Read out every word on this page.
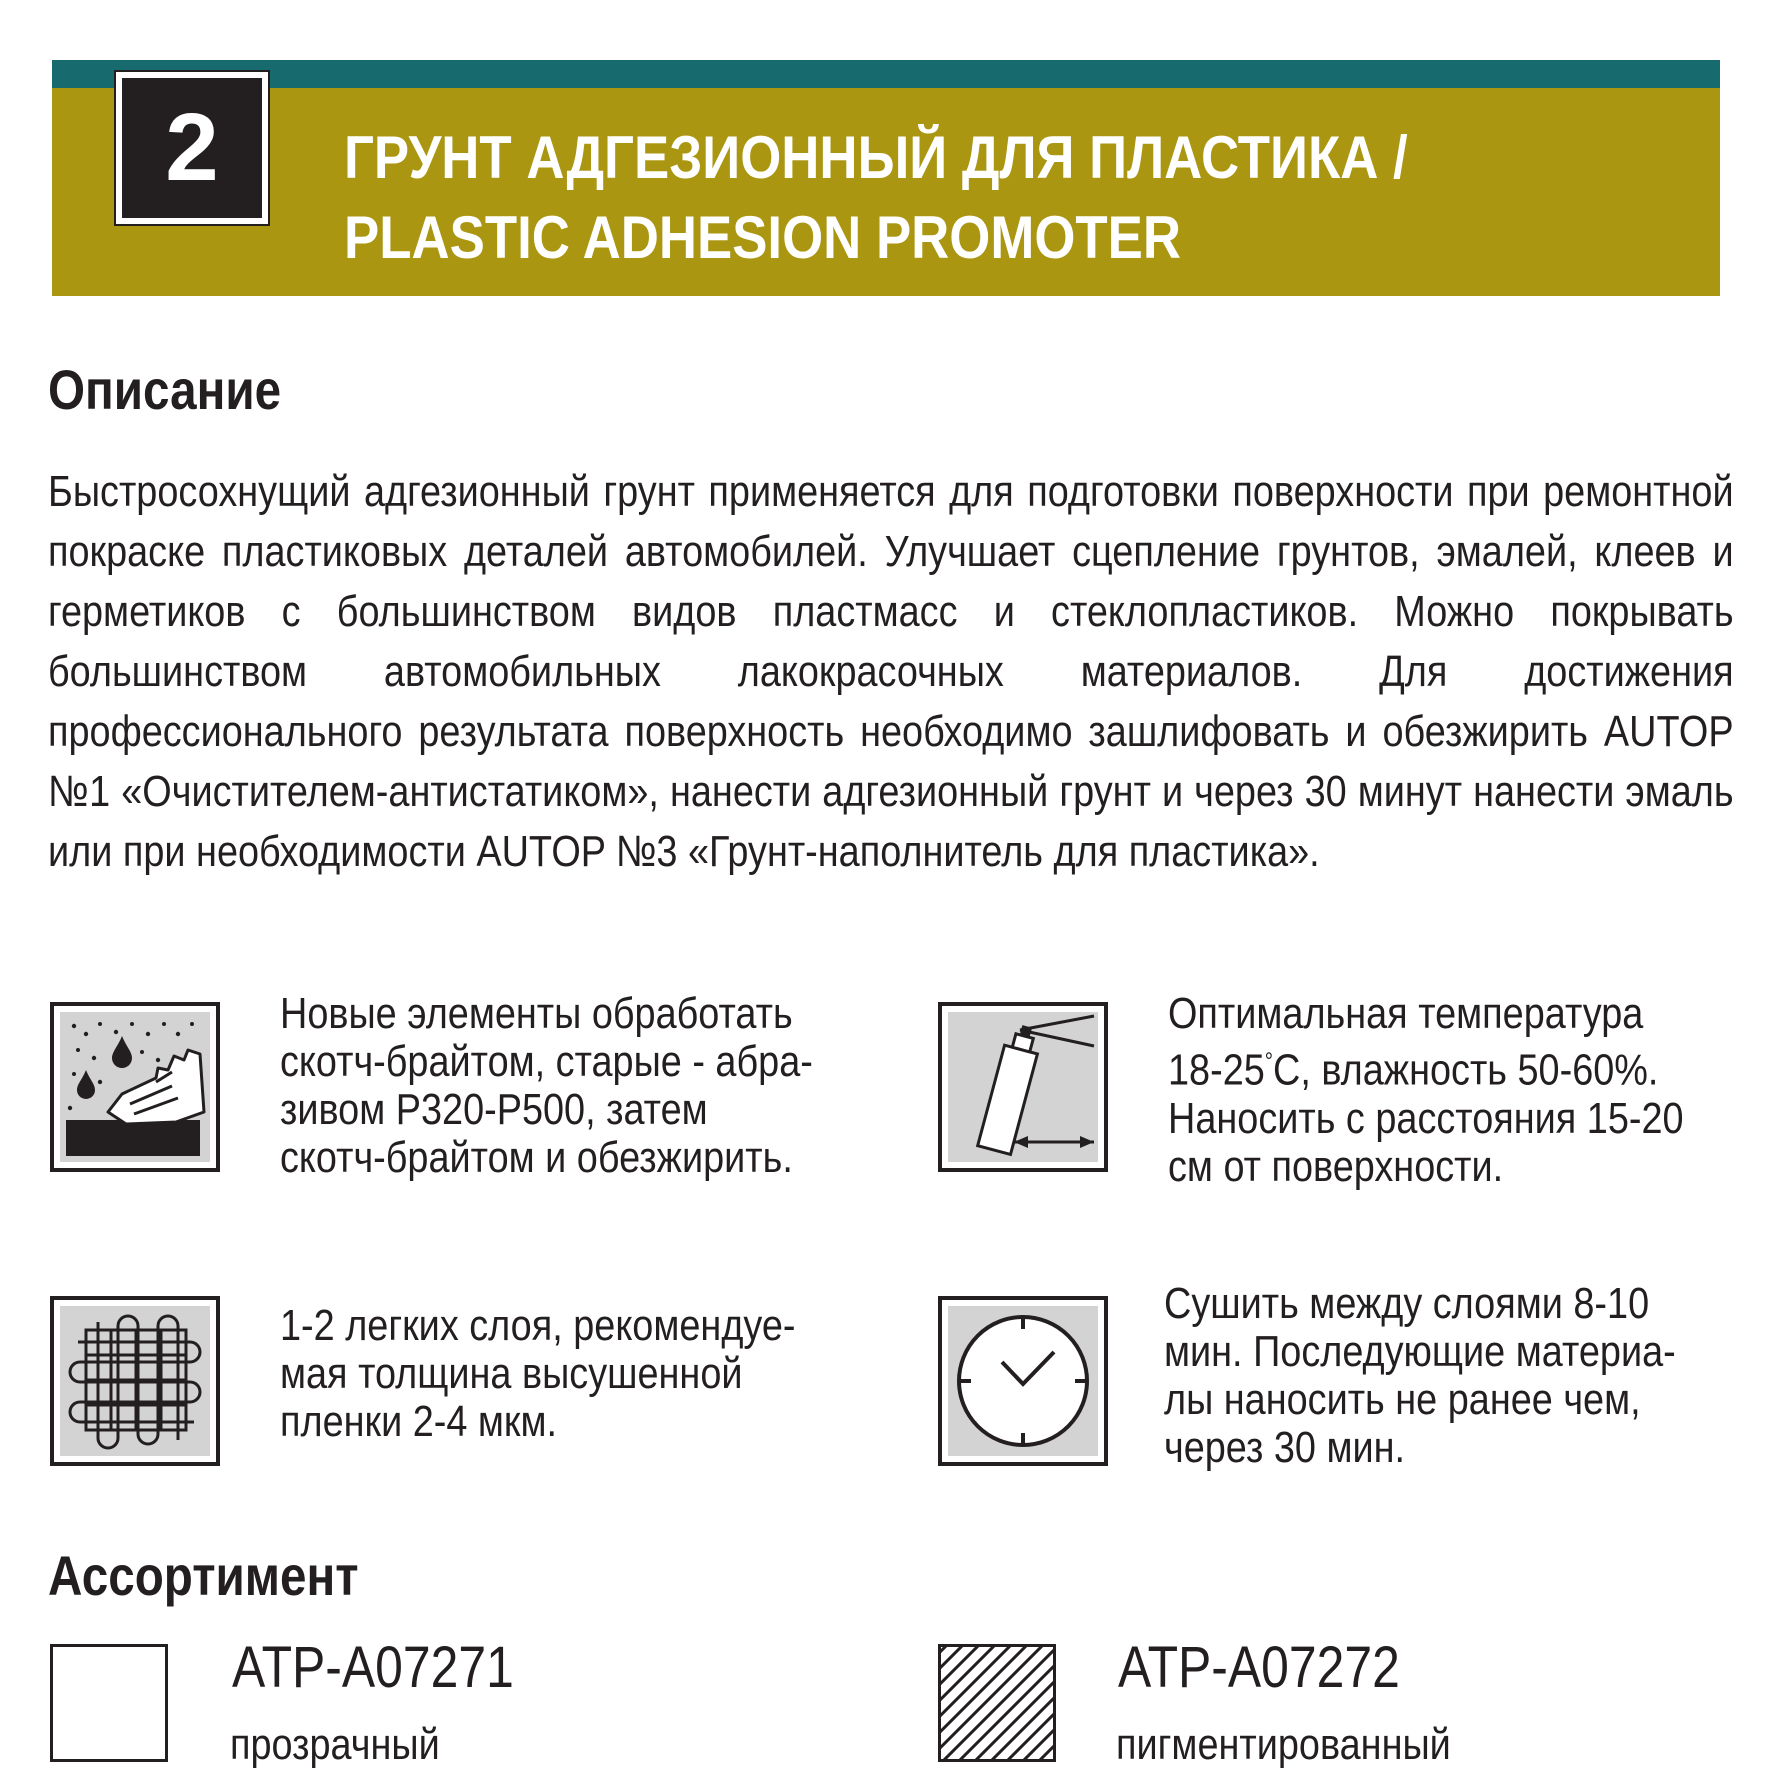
2 ГРУНТ АДГЕЗИОННЫЙ ДЛЯ ПЛАСТИКА /
PLASTIC ADHESION PROMOTER
Описание
Быстросохнущий адгезионный грунт применяется для подготовки поверхности при ремонтной покраске пластиковых деталей автомобилей. Улучшает сцепление грунтов, эмалей, клеев и герметиков с большинством видов пластмасс и стеклопластиков. Можно покрывать большинством автомобильных лакокрасочных материалов. Для достижения профессионального результата поверхность необходимо зашлифовать и обезжирить AUTOP №1 «Очистителем-антистатиком», нанести адгезионный грунт и через 30 минут нанести эмаль или при необходимости AUTOP №3 «Грунт-наполнитель для пластика».
Новые элементы обработать
скотч-брайтом, старые - абра-
зивом P320-P500, затем
скотч-брайтом и обезжирить.
Оптимальная температура
18-25°С, влажность 50-60%.
Наносить с расстояния 15-20
см от поверхности.
1-2 легких слоя, рекомендуе-
мая толщина высушенной
пленки 2-4 мкм.
Сушить между слоями 8-10
мин. Последующие материа-
лы наносить не ранее чем,
через 30 мин.
Ассортимент
ATP-A07271
прозрачный
ATP-A07272
пигментированный
